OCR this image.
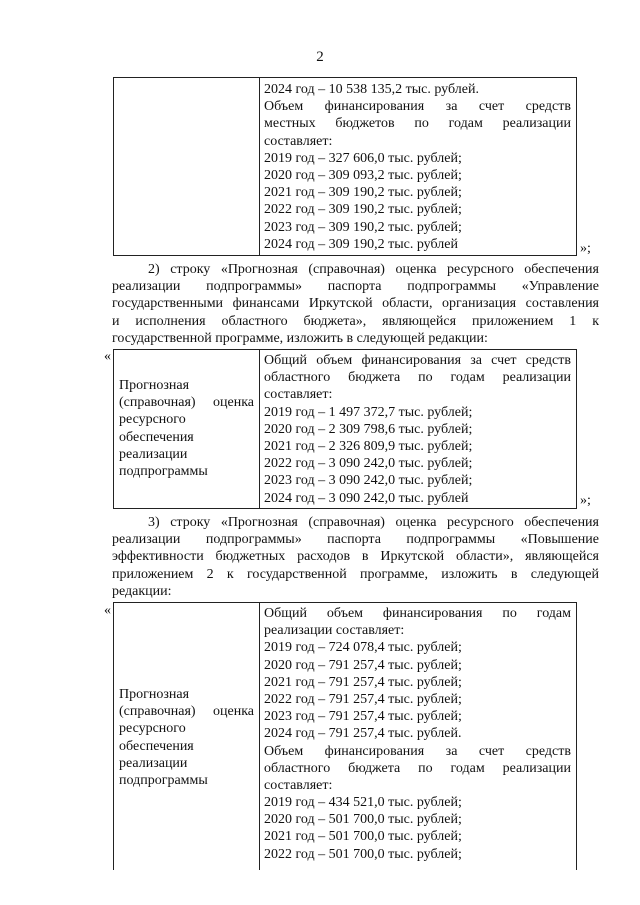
2
2024 год – 10 538 135,2 тыс. рублей.
Объем финансирования за счет средств
местных бюджетов по годам реализации
составляет:
2019 год – 327 606,0 тыс. рублей;
2020 год – 309 093,2 тыс. рублей;
2021 год – 309 190,2 тыс. рублей;
2022 год – 309 190,2 тыс. рублей;
2023 год – 309 190,2 тыс. рублей;
2024 год – 309 190,2 тыс. рублей	»;
2) строку «Прогнозная (справочная) оценка ресурсного обеспечения
реализации подпрограммы» паспорта подпрограммы «Управление
государственными финансами Иркутской области, организация составления
и исполнения областного бюджета», являющейся приложением 1 к
государственной программе, изложить в следующей редакции:
«
Прогнозная
(справочная) оценка
ресурсного
обеспечения
реализации
подпрограммы
Общий объем финансирования за счет средств
областного бюджета по годам реализации
составляет:
2019 год – 1 497 372,7 тыс. рублей;
2020 год – 2 309 798,6 тыс. рублей;
2021 год – 2 326 809,9 тыс. рублей;
2022 год – 3 090 242,0 тыс. рублей;
2023 год – 3 090 242,0 тыс. рублей;
2024 год – 3 090 242,0 тыс. рублей	»;
3) строку «Прогнозная (справочная) оценка ресурсного обеспечения
реализации подпрограммы» паспорта подпрограммы «Повышение
эффективности бюджетных расходов в Иркутской области», являющейся
приложением 2 к государственной программе, изложить в следующей
редакции:
«
Прогнозная
(справочная) оценка
ресурсного
обеспечения
реализации
подпрограммы
Общий объем финансирования по годам
реализации составляет:
2019 год – 724 078,4 тыс. рублей;
2020 год – 791 257,4 тыс. рублей;
2021 год – 791 257,4 тыс. рублей;
2022 год – 791 257,4 тыс. рублей;
2023 год – 791 257,4 тыс. рублей;
2024 год – 791 257,4 тыс. рублей.
Объем финансирования за счет средств
областного бюджета по годам реализации
составляет:
2019 год – 434 521,0 тыс. рублей;
2020 год – 501 700,0 тыс. рублей;
2021 год – 501 700,0 тыс. рублей;
2022 год – 501 700,0 тыс. рублей;
